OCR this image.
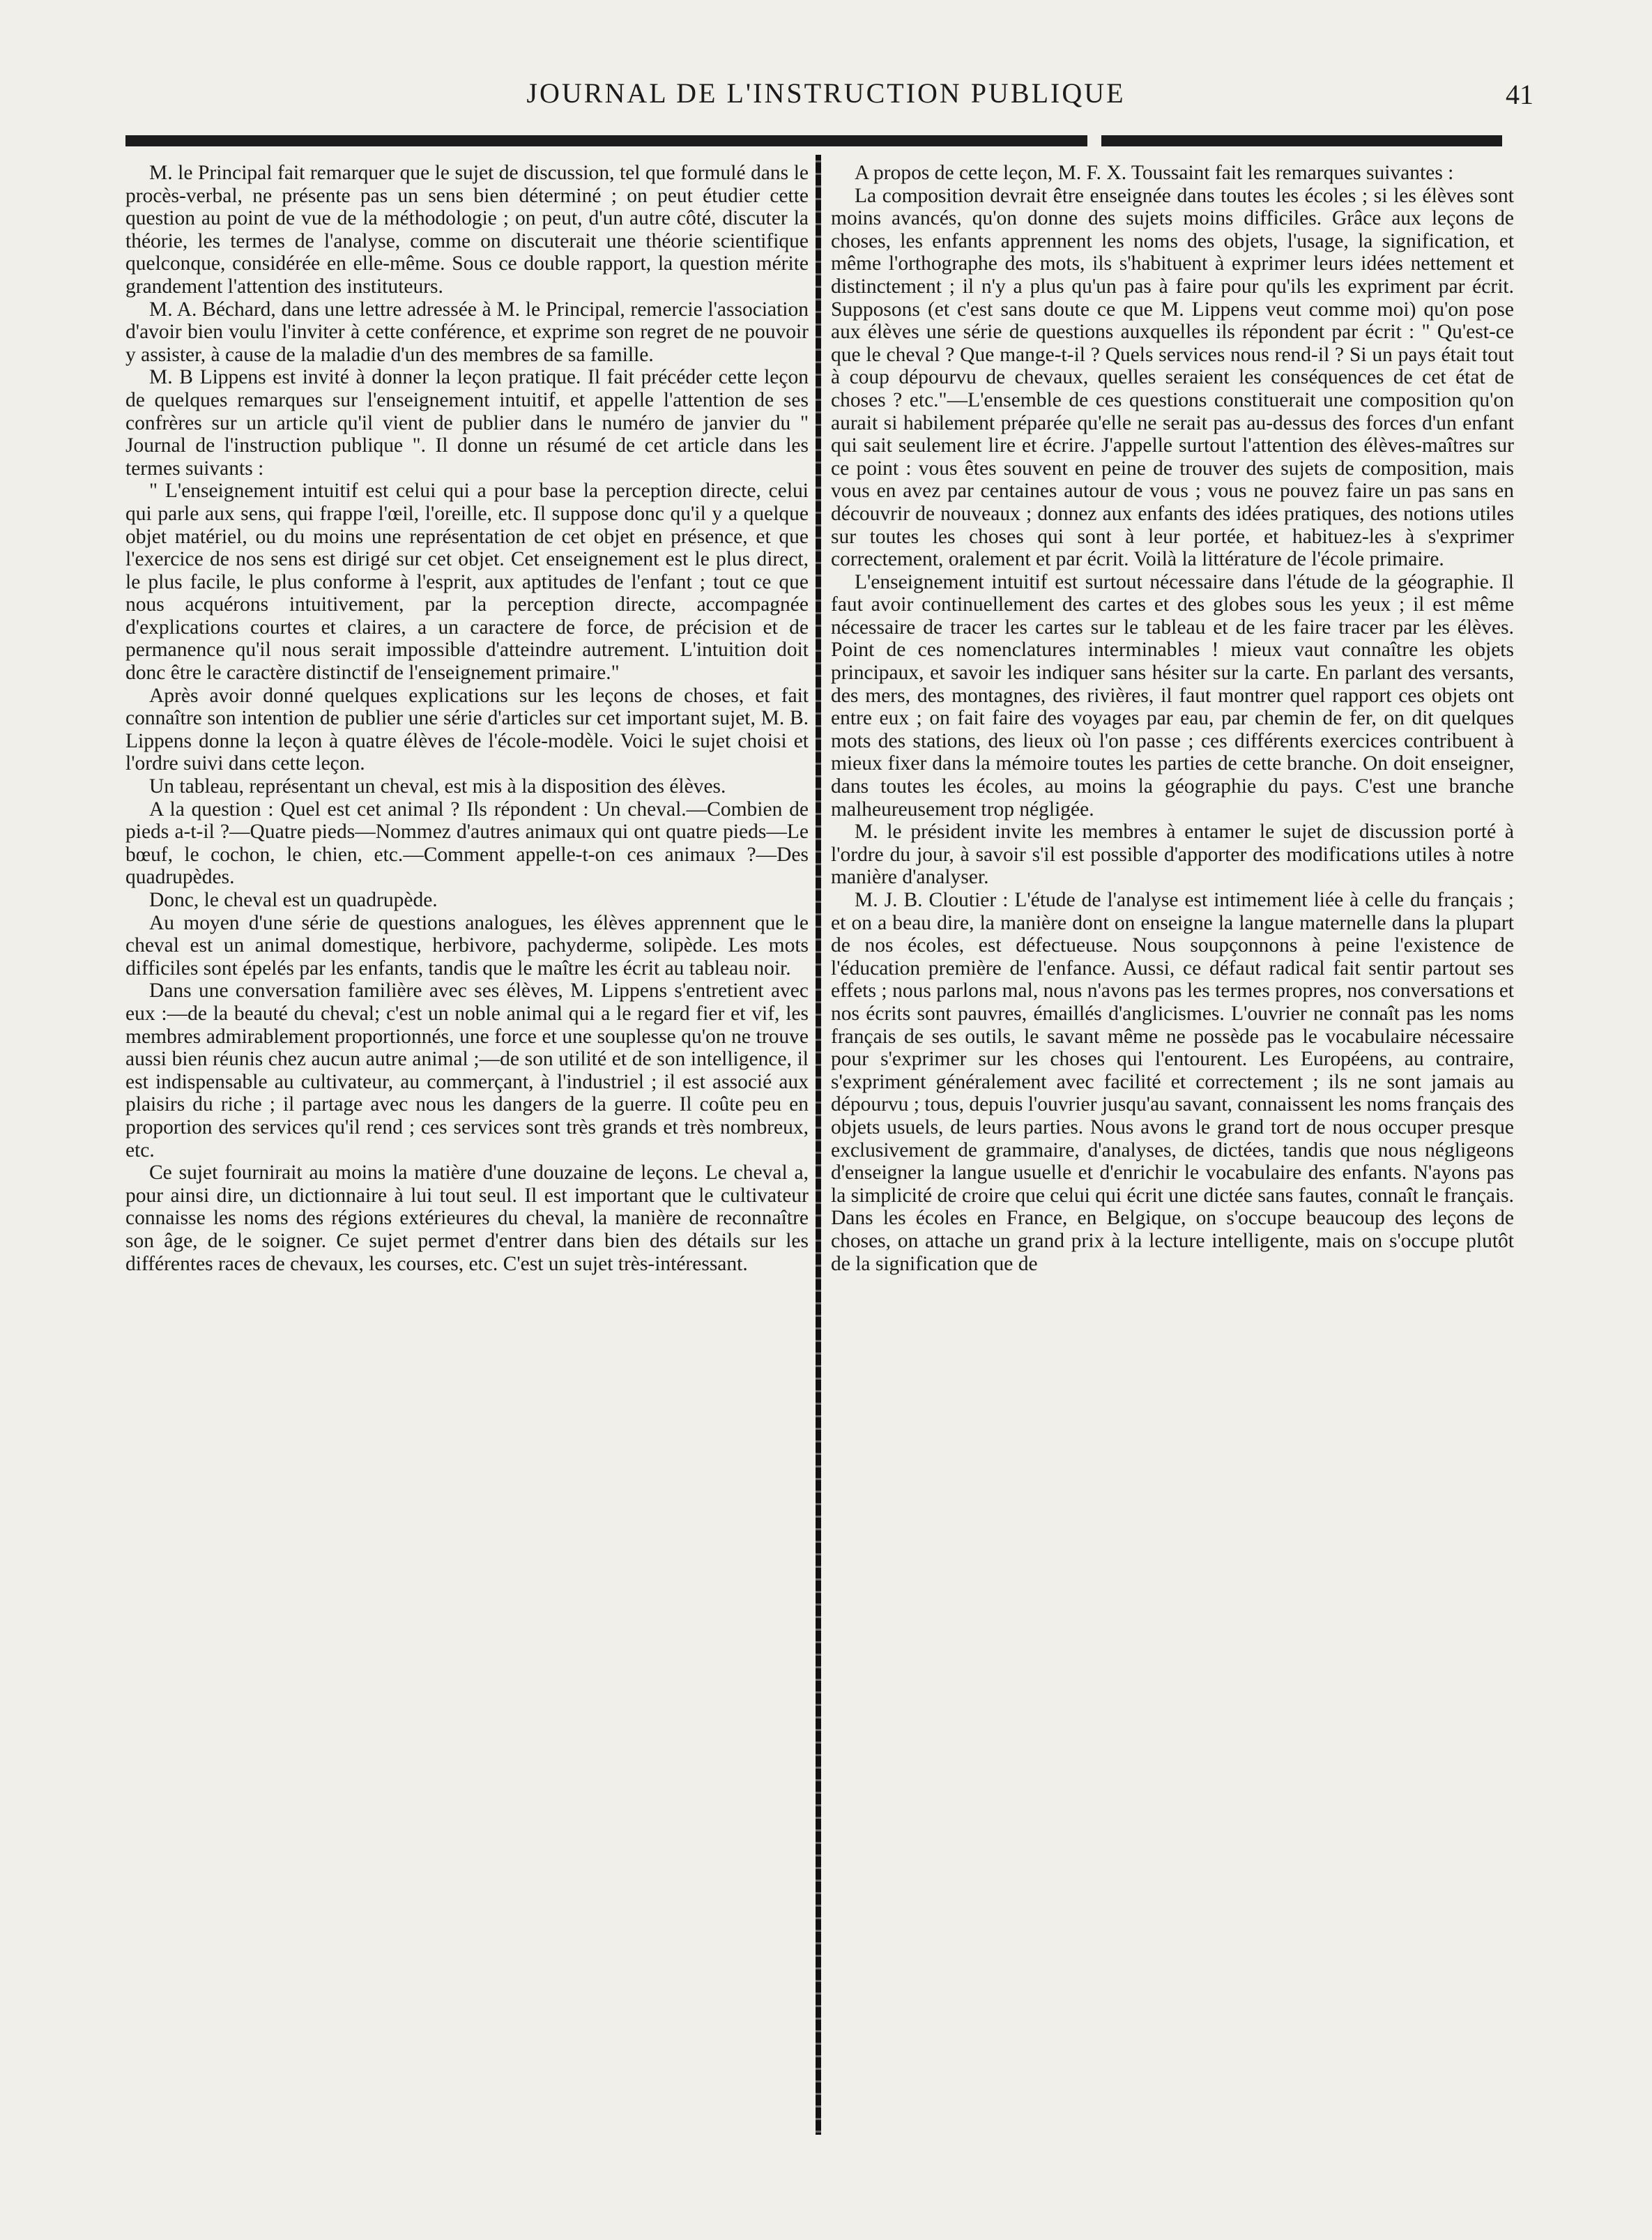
JOURNAL DE L'INSTRUCTION PUBLIQUE	41

M. le Principal fait remarquer que le sujet de discussion, tel que formulé dans le procès-verbal, ne présente pas un sens bien déterminé ; on peut étudier cette question au point de vue de la méthodologie ; on peut, d'un autre côté, discuter la théorie, les termes de l'analyse, comme on discuterait une théorie scientifique quelconque, considérée en elle-même. Sous ce double rapport, la question mérite grandement l'attention des instituteurs.

M. A. Béchard, dans une lettre adressée à M. le Principal, remercie l'association d'avoir bien voulu l'inviter à cette conférence, et exprime son regret de ne pouvoir y assister, à cause de la maladie d'un des membres de sa famille.

M. B Lippens est invité à donner la leçon pratique. Il fait précéder cette leçon de quelques remarques sur l'enseignement intuitif, et appelle l'attention de ses confrères sur un article qu'il vient de publier dans le numéro de janvier du " Journal de l'instruction publique ". Il donne un résumé de cet article dans les termes suivants :

" L'enseignement intuitif est celui qui a pour base la perception directe, celui qui parle aux sens, qui frappe l'œil, l'oreille, etc. Il suppose donc qu'il y a quelque objet matériel, ou du moins une représentation de cet objet en présence, et que l'exercice de nos sens est dirigé sur cet objet. Cet enseignement est le plus direct, le plus facile, le plus conforme à l'esprit, aux aptitudes de l'enfant ; tout ce que nous acquérons intuitivement, par la perception directe, accompagnée d'explications courtes et claires, a un caractere de force, de précision et de permanence qu'il nous serait impossible d'atteindre autrement. L'intuition doit donc être le caractère distinctif de l'enseignement primaire."

Après avoir donné quelques explications sur les leçons de choses, et fait connaître son intention de publier une série d'articles sur cet important sujet, M. B. Lippens donne la leçon à quatre élèves de l'école-modèle. Voici le sujet choisi et l'ordre suivi dans cette leçon.

Un tableau, représentant un cheval, est mis à la disposition des élèves.

A la question : Quel est cet animal ? Ils répondent : Un cheval.—Combien de pieds a-t-il ?—Quatre pieds—Nommez d'autres animaux qui ont quatre pieds—Le bœuf, le cochon, le chien, etc.—Comment appelle-t-on ces animaux ?—Des quadrupèdes.

Donc, le cheval est un quadrupède.

Au moyen d'une série de questions analogues, les élèves apprennent que le cheval est un animal domestique, herbivore, pachyderme, solipède. Les mots difficiles sont épelés par les enfants, tandis que le maître les écrit au tableau noir.

Dans une conversation familière avec ses élèves, M. Lippens s'entretient avec eux :—de la beauté du cheval; c'est un noble animal qui a le regard fier et vif, les membres admirablement proportionnés, une force et une souplesse qu'on ne trouve aussi bien réunis chez aucun autre animal ;—de son utilité et de son intelligence, il est indispensable au cultivateur, au commerçant, à l'industriel ; il est associé aux plaisirs du riche ; il partage avec nous les dangers de la guerre. Il coûte peu en proportion des services qu'il rend ; ces services sont très grands et très nombreux, etc.

Ce sujet fournirait au moins la matière d'une douzaine de leçons. Le cheval a, pour ainsi dire, un dictionnaire à lui tout seul. Il est important que le cultivateur connaisse les noms des régions extérieures du cheval, la manière de reconnaître son âge, de le soigner. Ce sujet permet d'entrer dans bien des détails sur les différentes races de chevaux, les courses, etc. C'est un sujet très-intéressant.

A propos de cette leçon, M. F. X. Toussaint fait les remarques suivantes :

La composition devrait être enseignée dans toutes les écoles ; si les élèves sont moins avancés, qu'on donne des sujets moins difficiles. Grâce aux leçons de choses, les enfants apprennent les noms des objets, l'usage, la signification, et même l'orthographe des mots, ils s'habituent à exprimer leurs idées nettement et distinctement ; il n'y a plus qu'un pas à faire pour qu'ils les expriment par écrit. Supposons (et c'est sans doute ce que M. Lippens veut comme moi) qu'on pose aux élèves une série de questions auxquelles ils répondent par écrit : " Qu'est-ce que le cheval ? Que mange-t-il ? Quels services nous rend-il ? Si un pays était tout à coup dépourvu de chevaux, quelles seraient les conséquences de cet état de choses ? etc."—L'ensemble de ces questions constituerait une composition qu'on aurait si habilement préparée qu'elle ne serait pas au-dessus des forces d'un enfant qui sait seulement lire et écrire. J'appelle surtout l'attention des élèves-maîtres sur ce point : vous êtes souvent en peine de trouver des sujets de composition, mais vous en avez par centaines autour de vous ; vous ne pouvez faire un pas sans en découvrir de nouveaux ; donnez aux enfants des idées pratiques, des notions utiles sur toutes les choses qui sont à leur portée, et habituez-les à s'exprimer correctement, oralement et par écrit. Voilà la littérature de l'école primaire.

L'enseignement intuitif est surtout nécessaire dans l'étude de la géographie. Il faut avoir continuellement des cartes et des globes sous les yeux ; il est même nécessaire de tracer les cartes sur le tableau et de les faire tracer par les élèves. Point de ces nomenclatures interminables ! mieux vaut connaître les objets principaux, et savoir les indiquer sans hésiter sur la carte. En parlant des versants, des mers, des montagnes, des rivières, il faut montrer quel rapport ces objets ont entre eux ; on fait faire des voyages par eau, par chemin de fer, on dit quelques mots des stations, des lieux où l'on passe ; ces différents exercices contribuent à mieux fixer dans la mémoire toutes les parties de cette branche. On doit enseigner, dans toutes les écoles, au moins la géographie du pays. C'est une branche malheureusement trop négligée.

M. le président invite les membres à entamer le sujet de discussion porté à l'ordre du jour, à savoir s'il est possible d'apporter des modifications utiles à notre manière d'analyser.

M. J. B. Cloutier : L'étude de l'analyse est intimement liée à celle du français ; et on a beau dire, la manière dont on enseigne la langue maternelle dans la plupart de nos écoles, est défectueuse. Nous soupçonnons à peine l'existence de l'éducation première de l'enfance. Aussi, ce défaut radical fait sentir partout ses effets ; nous parlons mal, nous n'avons pas les termes propres, nos conversations et nos écrits sont pauvres, émaillés d'anglicismes. L'ouvrier ne connaît pas les noms français de ses outils, le savant même ne possède pas le vocabulaire nécessaire pour s'exprimer sur les choses qui l'entourent. Les Européens, au contraire, s'expriment généralement avec facilité et correctement ; ils ne sont jamais au dépourvu ; tous, depuis l'ouvrier jusqu'au savant, connaissent les noms français des objets usuels, de leurs parties. Nous avons le grand tort de nous occuper presque exclusivement de grammaire, d'analyses, de dictées, tandis que nous négligeons d'enseigner la langue usuelle et d'enrichir le vocabulaire des enfants. N'ayons pas la simplicité de croire que celui qui écrit une dictée sans fautes, connaît le français. Dans les écoles en France, en Belgique, on s'occupe beaucoup des leçons de choses, on attache un grand prix à la lecture intelligente, mais on s'occupe plutôt de la signification que de
